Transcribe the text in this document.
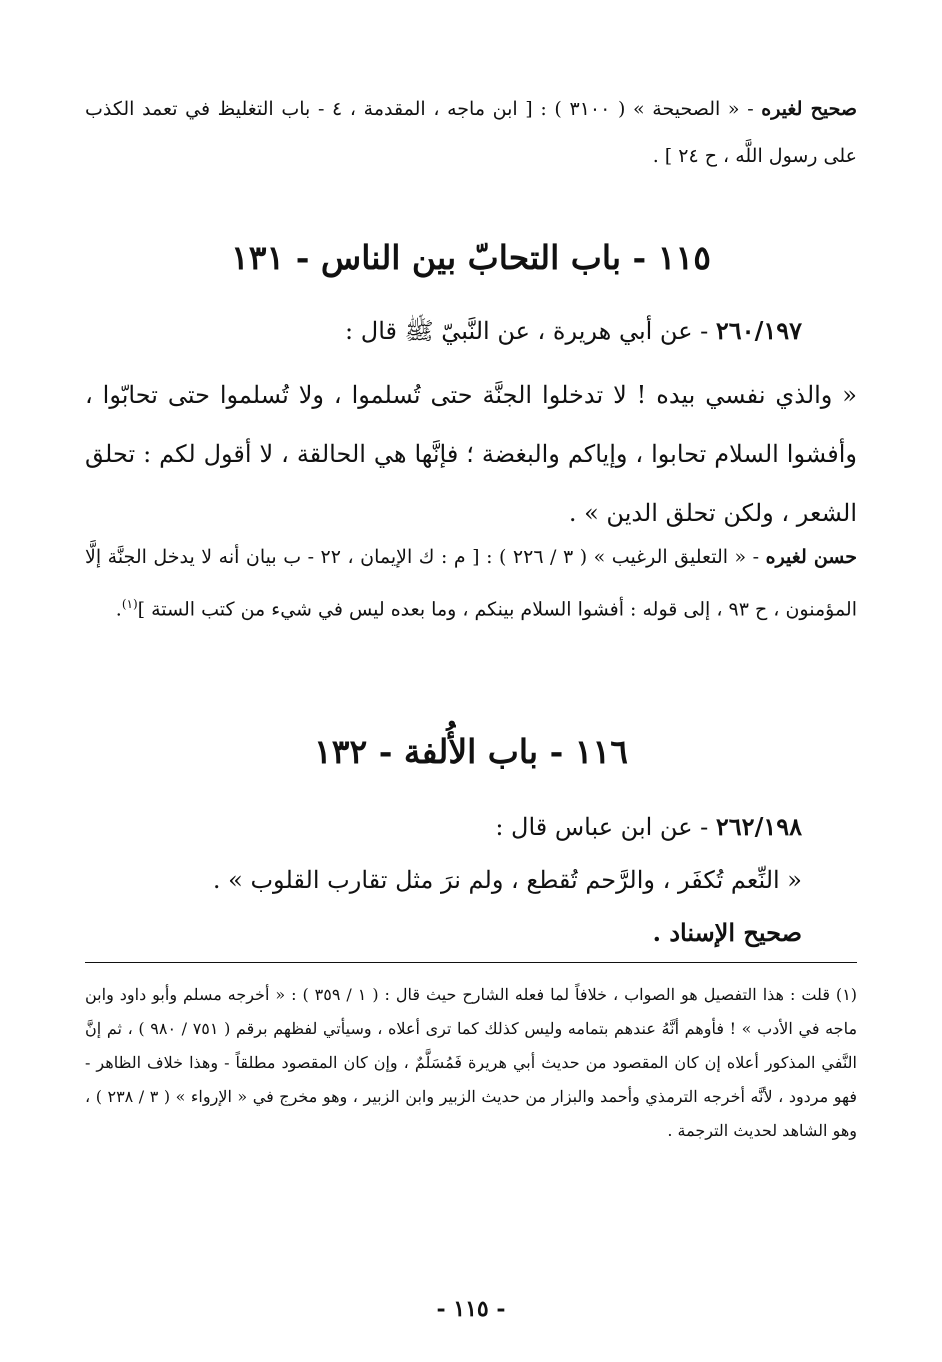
صحيح لغيره - « الصحيحة » ( ٣١٠٠ ) : [ ابن ماجه ، المقدمة ، ٤ - باب التغليظ في تعمد الكذب على رسول اللَّه ، ح ٢٤ ] .
١١٥ - باب التحابّ بين الناس - ١٣١
٢٦٠/١٩٧ - عن أبي هريرة ، عن النَّبيّ ﷺ قال :
« والذي نفسي بيده ! لا تدخلوا الجنَّة حتى تُسلموا ، ولا تُسلموا حتى تحابّوا ، وأفشوا السلام تحابوا ، وإياكم والبغضة ؛ فإنَّها هي الحالقة ، لا أقول لكم : تحلق الشعر ، ولكن تحلق الدين » .
حسن لغيره - « التعليق الرغيب » ( ٣ / ٢٢٦ ) : [ م : ك الإيمان ، ٢٢ - ب بيان أنه لا يدخل الجنَّة إلَّا المؤمنون ، ح ٩٣ ، إلى قوله : أفشوا السلام بينكم ، وما بعده ليس في شيء من كتب الستة ]$^{(١)}$.
١١٦ - باب الأُلفة - ١٣٢
٢٦٢/١٩٨ - عن ابن عباس قال :
« النِّعم تُكفَر ، والرَّحم تُقطع ، ولم نرَ مثل تقارب القلوب » .
صحيح الإسناد .
(١) قلت : هذا التفصيل هو الصواب ، خلافاً لما فعله الشارح حيث قال : ( ١ / ٣٥٩ ) : « أخرجه مسلم وأبو داود وابن ماجه في الأدب » ! فأوهم أنَّهُ عندهم بتمامه وليس كذلك كما ترى أعلاه ، وسيأتي لفظهم برقم ( ٧٥١ / ٩٨٠ ) ، ثم إنَّ النَّفي المذكور أعلاه إن كان المقصود من حديث أبي هريرة فَمُسَلَّمٌ ، وإن كان المقصود مطلقاً - وهذا خلاف الظاهر - فهو مردود ، لأنَّه أخرجه الترمذي وأحمد والبزار من حديث الزبير وابن الزبير ، وهو مخرج في « الإرواء » ( ٣ / ٢٣٨ ) ، وهو الشاهد لحديث الترجمة .
- ١١٥ -
